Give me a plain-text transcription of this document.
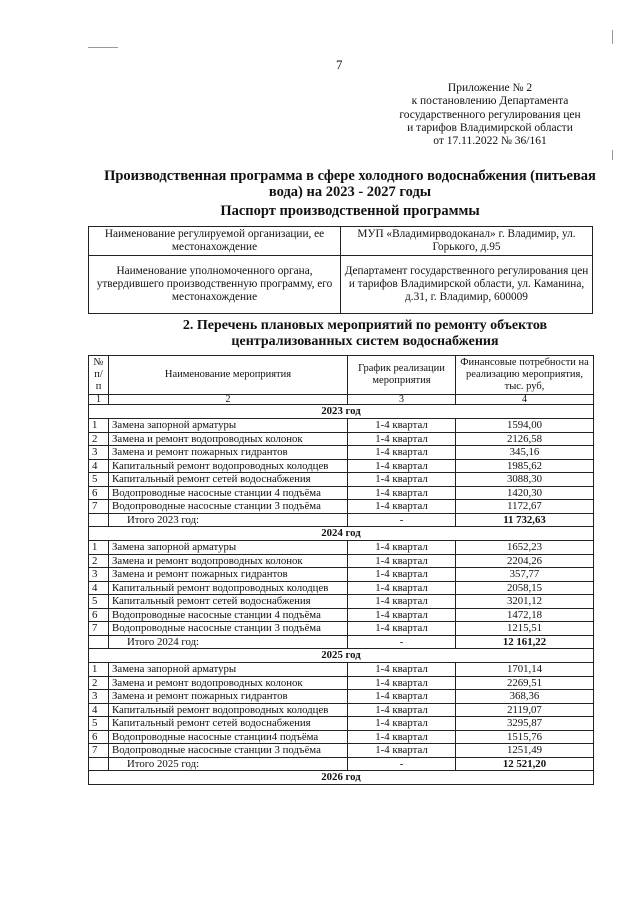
7
Приложение № 2
к постановлению Департамента
государственного регулирования цен
и тарифов Владимирской области
от 17.11.2022 № 36/161
Производственная программа в сфере холодного водоснабжения (питьевая
вода) на 2023 - 2027 годы
Паспорт производственной программы
Наименование регулируемой организации, ее местонахождение	МУП «Владимирводоканал» г. Владимир, ул. Горького, д.95
Наименование уполномоченного органа, утвердившего производственную программу, его местонахождение	Департамент государственного регулирования цен и тарифов Владимирской области, ул. Каманина, д.31, г. Владимир, 600009
2. Перечень плановых мероприятий по ремонту объектов
централизованных систем водоснабжения
№ п/п	Наименование мероприятия	График реализации мероприятия	Финансовые потребности на реализацию мероприятия, тыс. руб,
1	2	3	4
2023 год			
1	Замена запорной арматуры	1-4 квартал	1594,00
2	Замена и ремонт водопроводных колонок	1-4 квартал	2126,58
3	Замена и ремонт пожарных гидрантов	1-4 квартал	345,16
4	Капитальный ремонт водопроводных колодцев	1-4 квартал	1985,62
5	Капитальный ремонт сетей водоснабжения	1-4 квартал	3088,30
6	Водопроводные насосные станции 4 подъёма	1-4 квартал	1420,30
7	Водопроводные насосные станции 3 подъёма	1-4 квартал	1172,67
	Итого 2023 год:	-	11 732,63
2024 год			
1	Замена запорной арматуры	1-4 квартал	1652,23
2	Замена и ремонт водопроводных колонок	1-4 квартал	2204,26
3	Замена и ремонт пожарных гидрантов	1-4 квартал	357,77
4	Капитальный ремонт водопроводных колодцев	1-4 квартал	2058,15
5	Капитальный ремонт сетей водоснабжения	1-4 квартал	3201,12
6	Водопроводные насосные станции 4 подъёма	1-4 квартал	1472,18
7	Водопроводные насосные станции 3 подъёма	1-4 квартал	1215,51
	Итого 2024 год:	-	12 161,22
2025 год			
1	Замена запорной арматуры	1-4 квартал	1701,14
2	Замена и ремонт водопроводных колонок	1-4 квартал	2269,51
3	Замена и ремонт пожарных гидрантов	1-4 квартал	368,36
4	Капитальный ремонт водопроводных колодцев	1-4 квартал	2119,07
5	Капитальный ремонт сетей водоснабжения	1-4 квартал	3295,87
6	Водопроводные насосные станции4 подъёма	1-4 квартал	1515,76
7	Водопроводные насосные станции 3 подъёма	1-4 квартал	1251,49
	Итого 2025 год:	-	12 521,20
2026 год			
